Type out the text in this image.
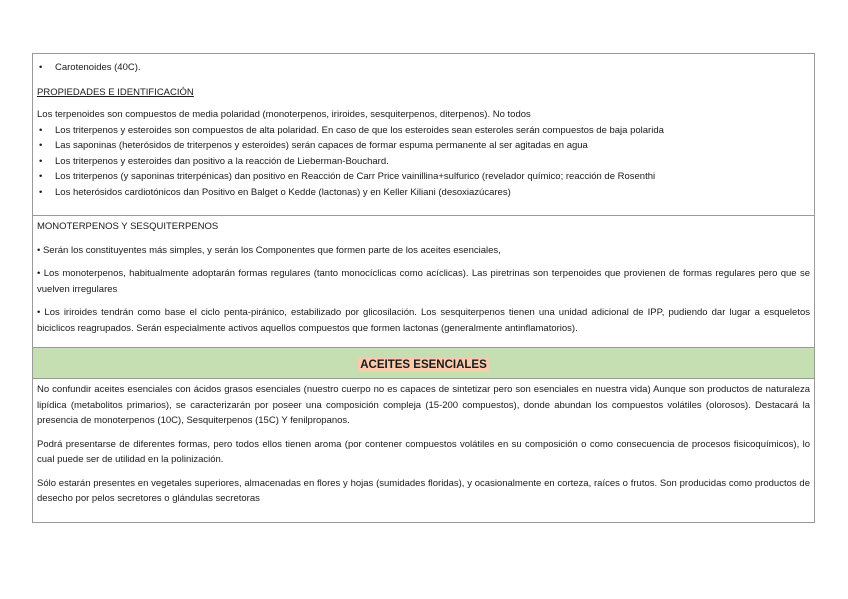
• Carotenoides (40C).

PROPIEDADES E IDENTIFICACIÓN

Los terpenoides son compuestos de media polaridad (monoterpenos, iriroides, sesquiterpenos, diterpenos). No todos

• Los triterpenos y esteroides son compuestos de alta polaridad. En caso de que los esteroides sean esteroles serán compuestos de baja polarida
• Las saponinas (heterósidos de triterpenos y esteroides) serán capaces de formar espuma permanente al ser agitadas en agua
• Los triterpenos y esteroides dan positivo a la reacción de Lieberman-Bouchard.
• Los triterpenos (y saponinas triterpénicas) dan positivo en Reacción de Carr Price vainillina+sulfurico (revelador químico; reacción de Rosenthi
• Los heterósidos cardiotónicos dan Positivo en Balget o Kedde (lactonas) y en Keller Kiliani (desoxiazúcares)

MONOTERPENOS Y SESQUITERPENOS

• Serán los constituyentes más simples, y serán los Componentes que formen parte de los aceites esenciales,

• Los monoterpenos, habitualmente adoptarán formas regulares (tanto monocíclicas como acíclicas). Las piretrinas son terpenoides que provienen de formas regulares pero que se vuelven irregulares

• Los iriroides tendrán como base el ciclo penta-piránico, estabilizado por glicosilación. Los sesquiterpenos tienen una unidad adicional de IPP, pudiendo dar lugar a esqueletos biciclicos reagrupados. Serán especialmente activos aquellos compuestos que formen lactonas (generalmente antinflamatorios).

ACEITES ESENCIALES

No confundir aceites esenciales con ácidos grasos esenciales (nuestro cuerpo no es capaces de sintetizar pero son esenciales en nuestra vida) Aunque son productos de naturaleza lipídica (metabolitos primarios), se caracterizarán por poseer una composición compleja (15-200 compuestos), donde abundan los compuestos volátiles (olorosos). Destacará la presencia de monoterpenos (10C), Sesquiterpenos (15C) Y fenilpropanos.

Podrá presentarse de diferentes formas, pero todos ellos tienen aroma (por contener compuestos volátiles en su composición o como consecuencia de procesos fisicoquímicos), lo cual puede ser de utilidad en la polinización.

Sólo estarán presentes en vegetales superiores, almacenadas en flores y hojas (sumidades floridas), y ocasionalmente en corteza, raíces o frutos. Son producidas como productos de desecho por pelos secretores o glándulas secretoras
